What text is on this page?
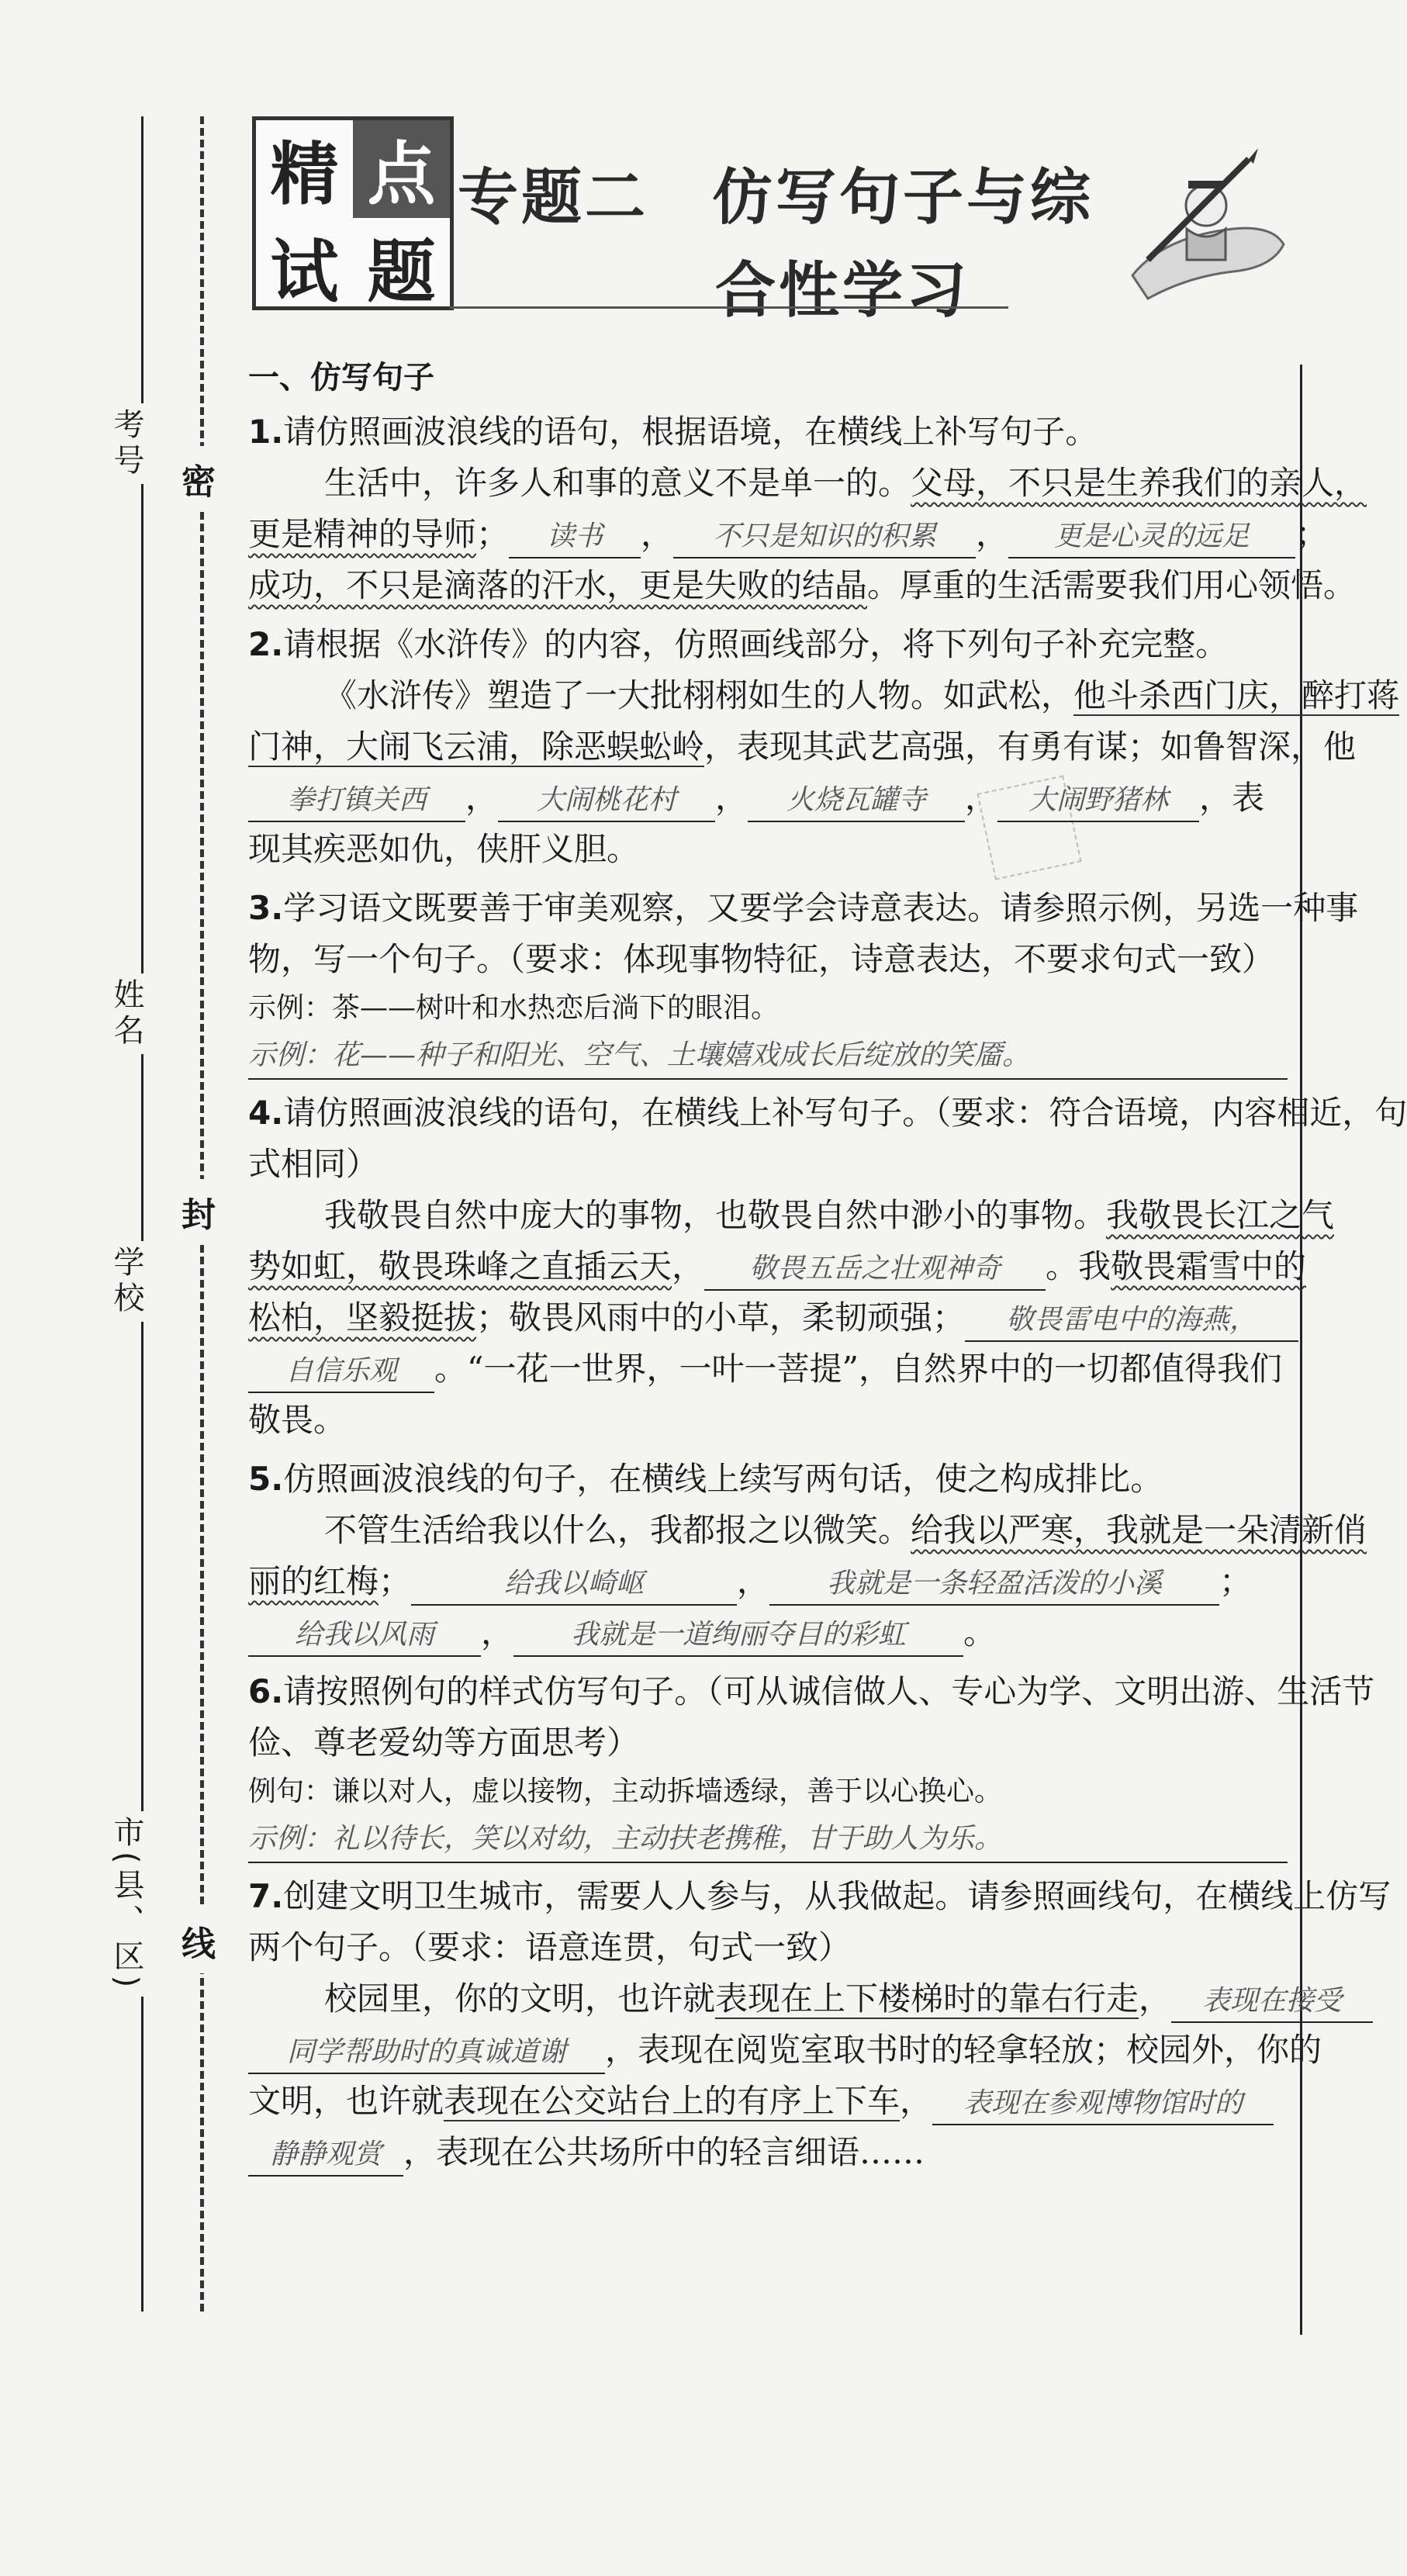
考号
姓名
学校
市(县、区)
密
封
线
精 点
试 题
专题二　仿写句子与综
合性学习
一、仿写句子
1.请仿照画波浪线的语句，根据语境，在横线上补写句子。
生活中，许多人和事的意义不是单一的。父母，不只是生养我们的亲人，
更是精神的导师； 读书 ， 不只是知识的积累 ， 更是心灵的远足 ；
成功，不只是滴落的汗水，更是失败的结晶。厚重的生活需要我们用心领悟。
2.请根据《水浒传》的内容，仿照画线部分，将下列句子补充完整。
《水浒传》塑造了一大批栩栩如生的人物。如武松，他斗杀西门庆，醉打蒋
门神，大闹飞云浦，除恶蜈蚣岭，表现其武艺高强，有勇有谋；如鲁智深，他
拳打镇关西 ， 大闹桃花村 ， 火烧瓦罐寺 ， 大闹野猪林 ，表
现其疾恶如仇，侠肝义胆。
3.学习语文既要善于审美观察，又要学会诗意表达。请参照示例，另选一种事
物，写一个句子。（要求：体现事物特征，诗意表达，不要求句式一致）
示例：茶——树叶和水热恋后淌下的眼泪。
示例：花——种子和阳光、空气、土壤嬉戏成长后绽放的笑靥。
4.请仿照画波浪线的语句，在横线上补写句子。（要求：符合语境，内容相近，句
式相同）
我敬畏自然中庞大的事物，也敬畏自然中渺小的事物。我敬畏长江之气
势如虹，敬畏珠峰之直插云天， 敬畏五岳之壮观神奇 。我敬畏霜雪中的
松柏，坚毅挺拔；敬畏风雨中的小草，柔韧顽强； 敬畏雷电中的海燕，
自信乐观 。“一花一世界，一叶一菩提”，自然界中的一切都值得我们
敬畏。
5.仿照画波浪线的句子，在横线上续写两句话，使之构成排比。
不管生活给我以什么，我都报之以微笑。给我以严寒，我就是一朵清新俏
丽的红梅；	给我以崎岖	， 我就是一条轻盈活泼的小溪 ；
给我以风雨 ， 我就是一道绚丽夺目的彩虹 。
6.请按照例句的样式仿写句子。（可从诚信做人、专心为学、文明出游、生活节
俭、尊老爱幼等方面思考）
例句：谦以对人，虚以接物，主动拆墙透绿，善于以心换心。
示例：礼以待长，笑以对幼，主动扶老携稚，甘于助人为乐。
7.创建文明卫生城市，需要人人参与，从我做起。请参照画线句，在横线上仿写
两个句子。（要求：语意连贯，句式一致）
校园里，你的文明，也许就表现在上下楼梯时的靠右行走， 表现在接受
同学帮助时的真诚道谢 ，表现在阅览室取书时的轻拿轻放；校园外，你的
文明，也许就表现在公交站台上的有序上下车， 表现在参观博物馆时的
静静观赏 ，表现在公共场所中的轻言细语……
